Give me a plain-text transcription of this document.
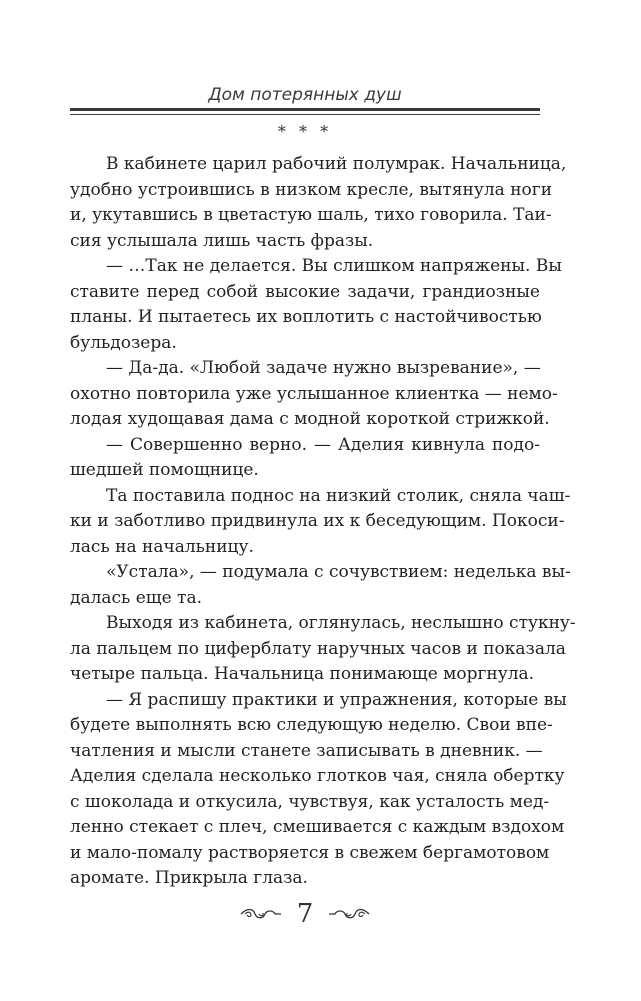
Дом потерянных душ
* * *
В кабинете царил рабочий полумрак. Начальница,
удобно устроившись в низком кресле, вытянула ноги
и, укутавшись в цветастую шаль, тихо говорила. Таи-
сия услышала лишь часть фразы.
— …Так не делается. Вы слишком напряжены. Вы
ставите перед собой высокие задачи, грандиозные
планы. И пытаетесь их воплотить с настойчивостью
бульдозера.
— Да-да. «Любой задаче нужно вызревание», —
охотно повторила уже услышанное клиентка — немо-
лодая худощавая дама с модной короткой стрижкой.
— Совершенно верно. — Аделия кивнула подо-
шедшей помощнице.
Та поставила поднос на низкий столик, сняла чаш-
ки и заботливо придвинула их к беседующим. Покоси-
лась на начальницу.
«Устала», — подумала с сочувствием: неделька вы-
далась еще та.
Выходя из кабинета, оглянулась, неслышно стукну-
ла пальцем по циферблату наручных часов и показала
четыре пальца. Начальница понимающе моргнула.
— Я распишу практики и упражнения, которые вы
будете выполнять всю следующую неделю. Свои впе-
чатления и мысли станете записывать в дневник. —
Аделия сделала несколько глотков чая, сняла обертку
с шоколада и откусила, чувствуя, как усталость мед-
ленно стекает с плеч, смешивается с каждым вздохом
и мало-помалу растворяется в свежем бергамотовом
аромате. Прикрыла глаза.
7
